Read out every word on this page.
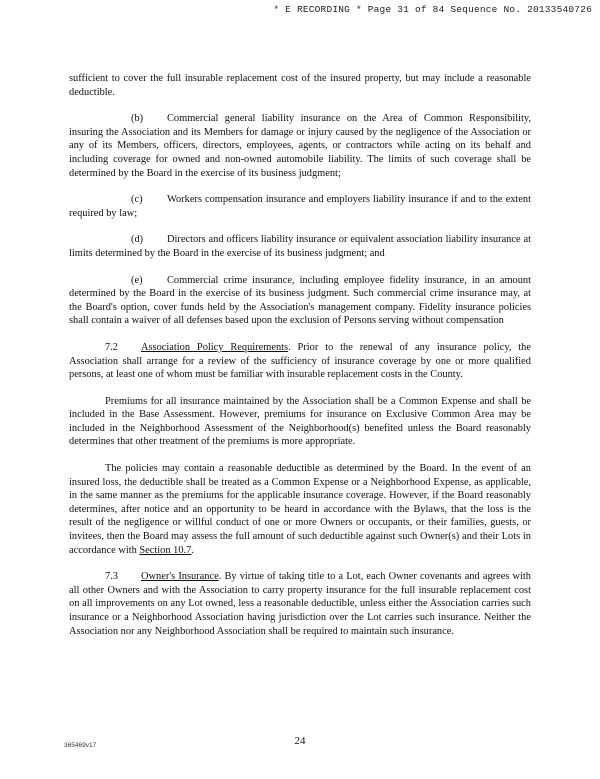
* E RECORDING * Page 31 of 84 Sequence No. 20133540726

sufficient to cover the full insurable replacement cost of the insured property, but may include a reasonable deductible.

(b) Commercial general liability insurance on the Area of Common Responsibility, insuring the Association and its Members for damage or injury caused by the negligence of the Association or any of its Members, officers, directors, employees, agents, or contractors while acting on its behalf and including coverage for owned and non-owned automobile liability. The limits of such coverage shall be determined by the Board in the exercise of its business judgment;

(c) Workers compensation insurance and employers liability insurance if and to the extent required by law;

(d) Directors and officers liability insurance or equivalent association liability insurance at limits determined by the Board in the exercise of its business judgment; and

(e) Commercial crime insurance, including employee fidelity insurance, in an amount determined by the Board in the exercise of its business judgment. Such commercial crime insurance may, at the Board's option, cover funds held by the Association's management company. Fidelity insurance policies shall contain a waiver of all defenses based upon the exclusion of Persons serving without compensation

7.2 Association Policy Requirements. Prior to the renewal of any insurance policy, the Association shall arrange for a review of the sufficiency of insurance coverage by one or more qualified persons, at least one of whom must be familiar with insurable replacement costs in the County.

Premiums for all insurance maintained by the Association shall be a Common Expense and shall be included in the Base Assessment. However, premiums for insurance on Exclusive Common Area may be included in the Neighborhood Assessment of the Neighborhood(s) benefited unless the Board reasonably determines that other treatment of the premiums is more appropriate.

The policies may contain a reasonable deductible as determined by the Board. In the event of an insured loss, the deductible shall be treated as a Common Expense or a Neighborhood Expense, as applicable, in the same manner as the premiums for the applicable insurance coverage. However, if the Board reasonably determines, after notice and an opportunity to be heard in accordance with the Bylaws, that the loss is the result of the negligence or willful conduct of one or more Owners or occupants, or their families, guests, or invitees, then the Board may assess the full amount of such deductible against such Owner(s) and their Lots in accordance with Section 10.7.

7.3 Owner's Insurance. By virtue of taking title to a Lot, each Owner covenants and agrees with all other Owners and with the Association to carry property insurance for the full insurable replacement cost on all improvements on any Lot owned, less a reasonable deductible, unless either the Association carries such insurance or a Neighborhood Association having jurisdiction over the Lot carries such insurance. Neither the Association nor any Neighborhood Association shall be required to maintain such insurance.

365469v17	24
